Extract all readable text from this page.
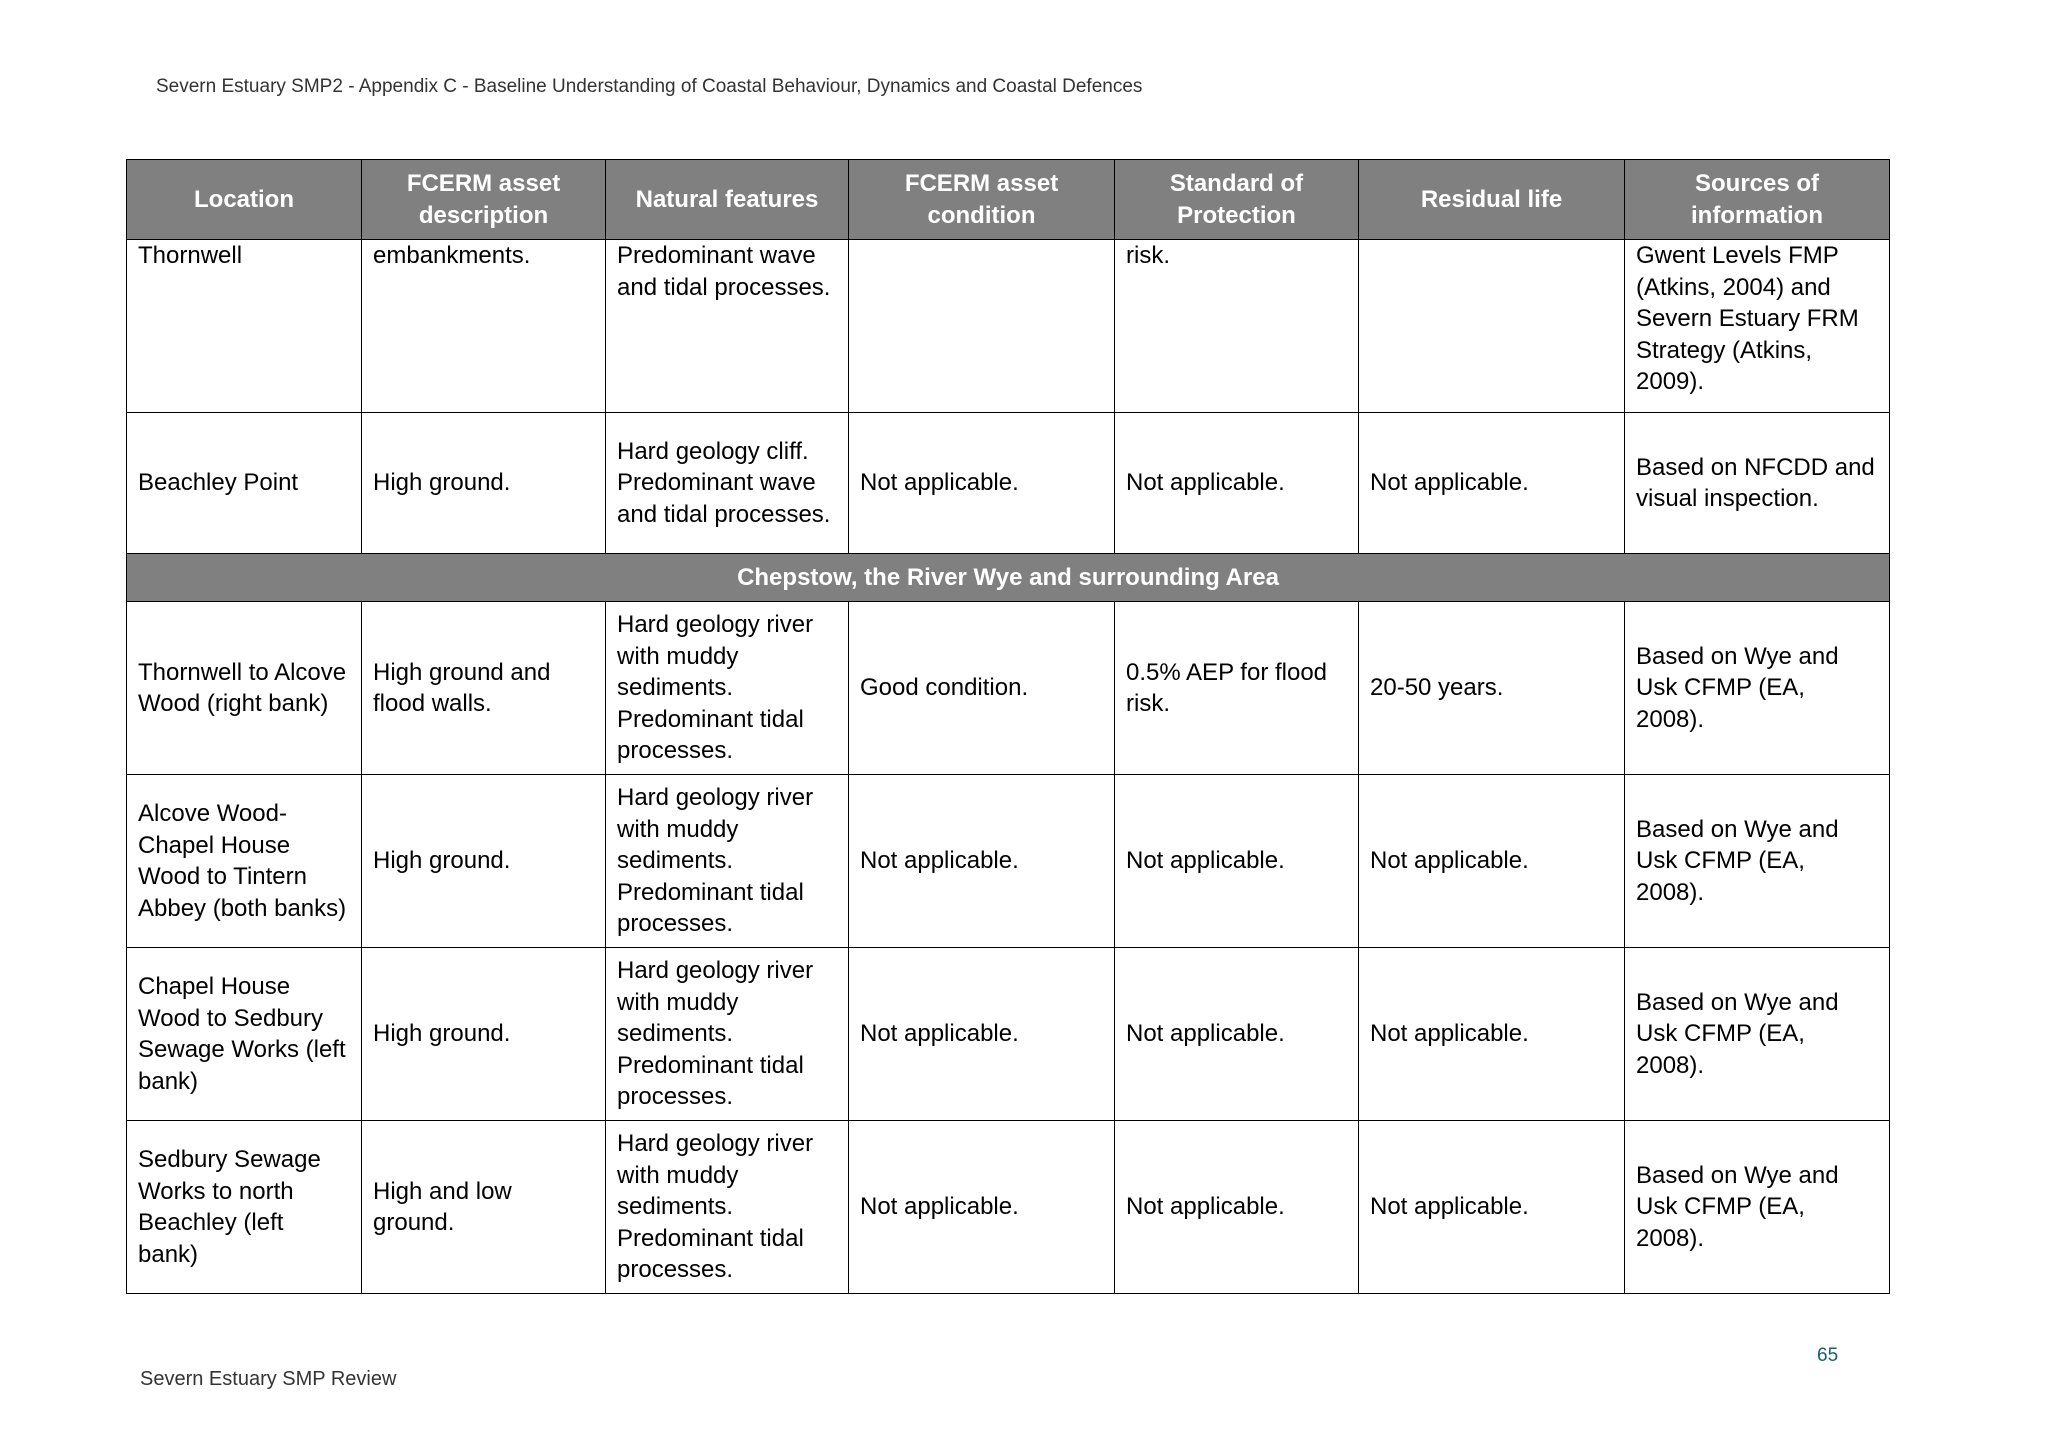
Severn Estuary SMP2 - Appendix C - Baseline Understanding of Coastal Behaviour, Dynamics and Coastal Defences
Location	FCERM asset description	Natural features	FCERM asset condition	Standard of Protection	Residual life	Sources of information
Thornwell	embankments.	Predominant wave and tidal processes.		risk.		Gwent Levels FMP (Atkins, 2004) and Severn Estuary FRM Strategy (Atkins, 2009).
Beachley Point	High ground.	Hard geology cliff. Predominant wave and tidal processes.	Not applicable.	Not applicable.	Not applicable.	Based on NFCDD and visual inspection.
Chepstow, the River Wye and surrounding Area						
Thornwell to Alcove Wood (right bank)	High ground and flood walls.	Hard geology river with muddy sediments. Predominant tidal processes.	Good condition.	0.5% AEP for flood risk.	20-50 years.	Based on Wye and Usk CFMP (EA, 2008).
Alcove Wood-Chapel House Wood to Tintern Abbey (both banks)	High ground.	Hard geology river with muddy sediments. Predominant tidal processes.	Not applicable.	Not applicable.	Not applicable.	Based on Wye and Usk CFMP (EA, 2008).
Chapel House Wood to Sedbury Sewage Works (left bank)	High ground.	Hard geology river with muddy sediments. Predominant tidal processes.	Not applicable.	Not applicable.	Not applicable.	Based on Wye and Usk CFMP (EA, 2008).
Sedbury Sewage Works to north Beachley (left bank)	High and low ground.	Hard geology river with muddy sediments. Predominant tidal processes.	Not applicable.	Not applicable.	Not applicable.	Based on Wye and Usk CFMP (EA, 2008).
65
Severn Estuary SMP Review
